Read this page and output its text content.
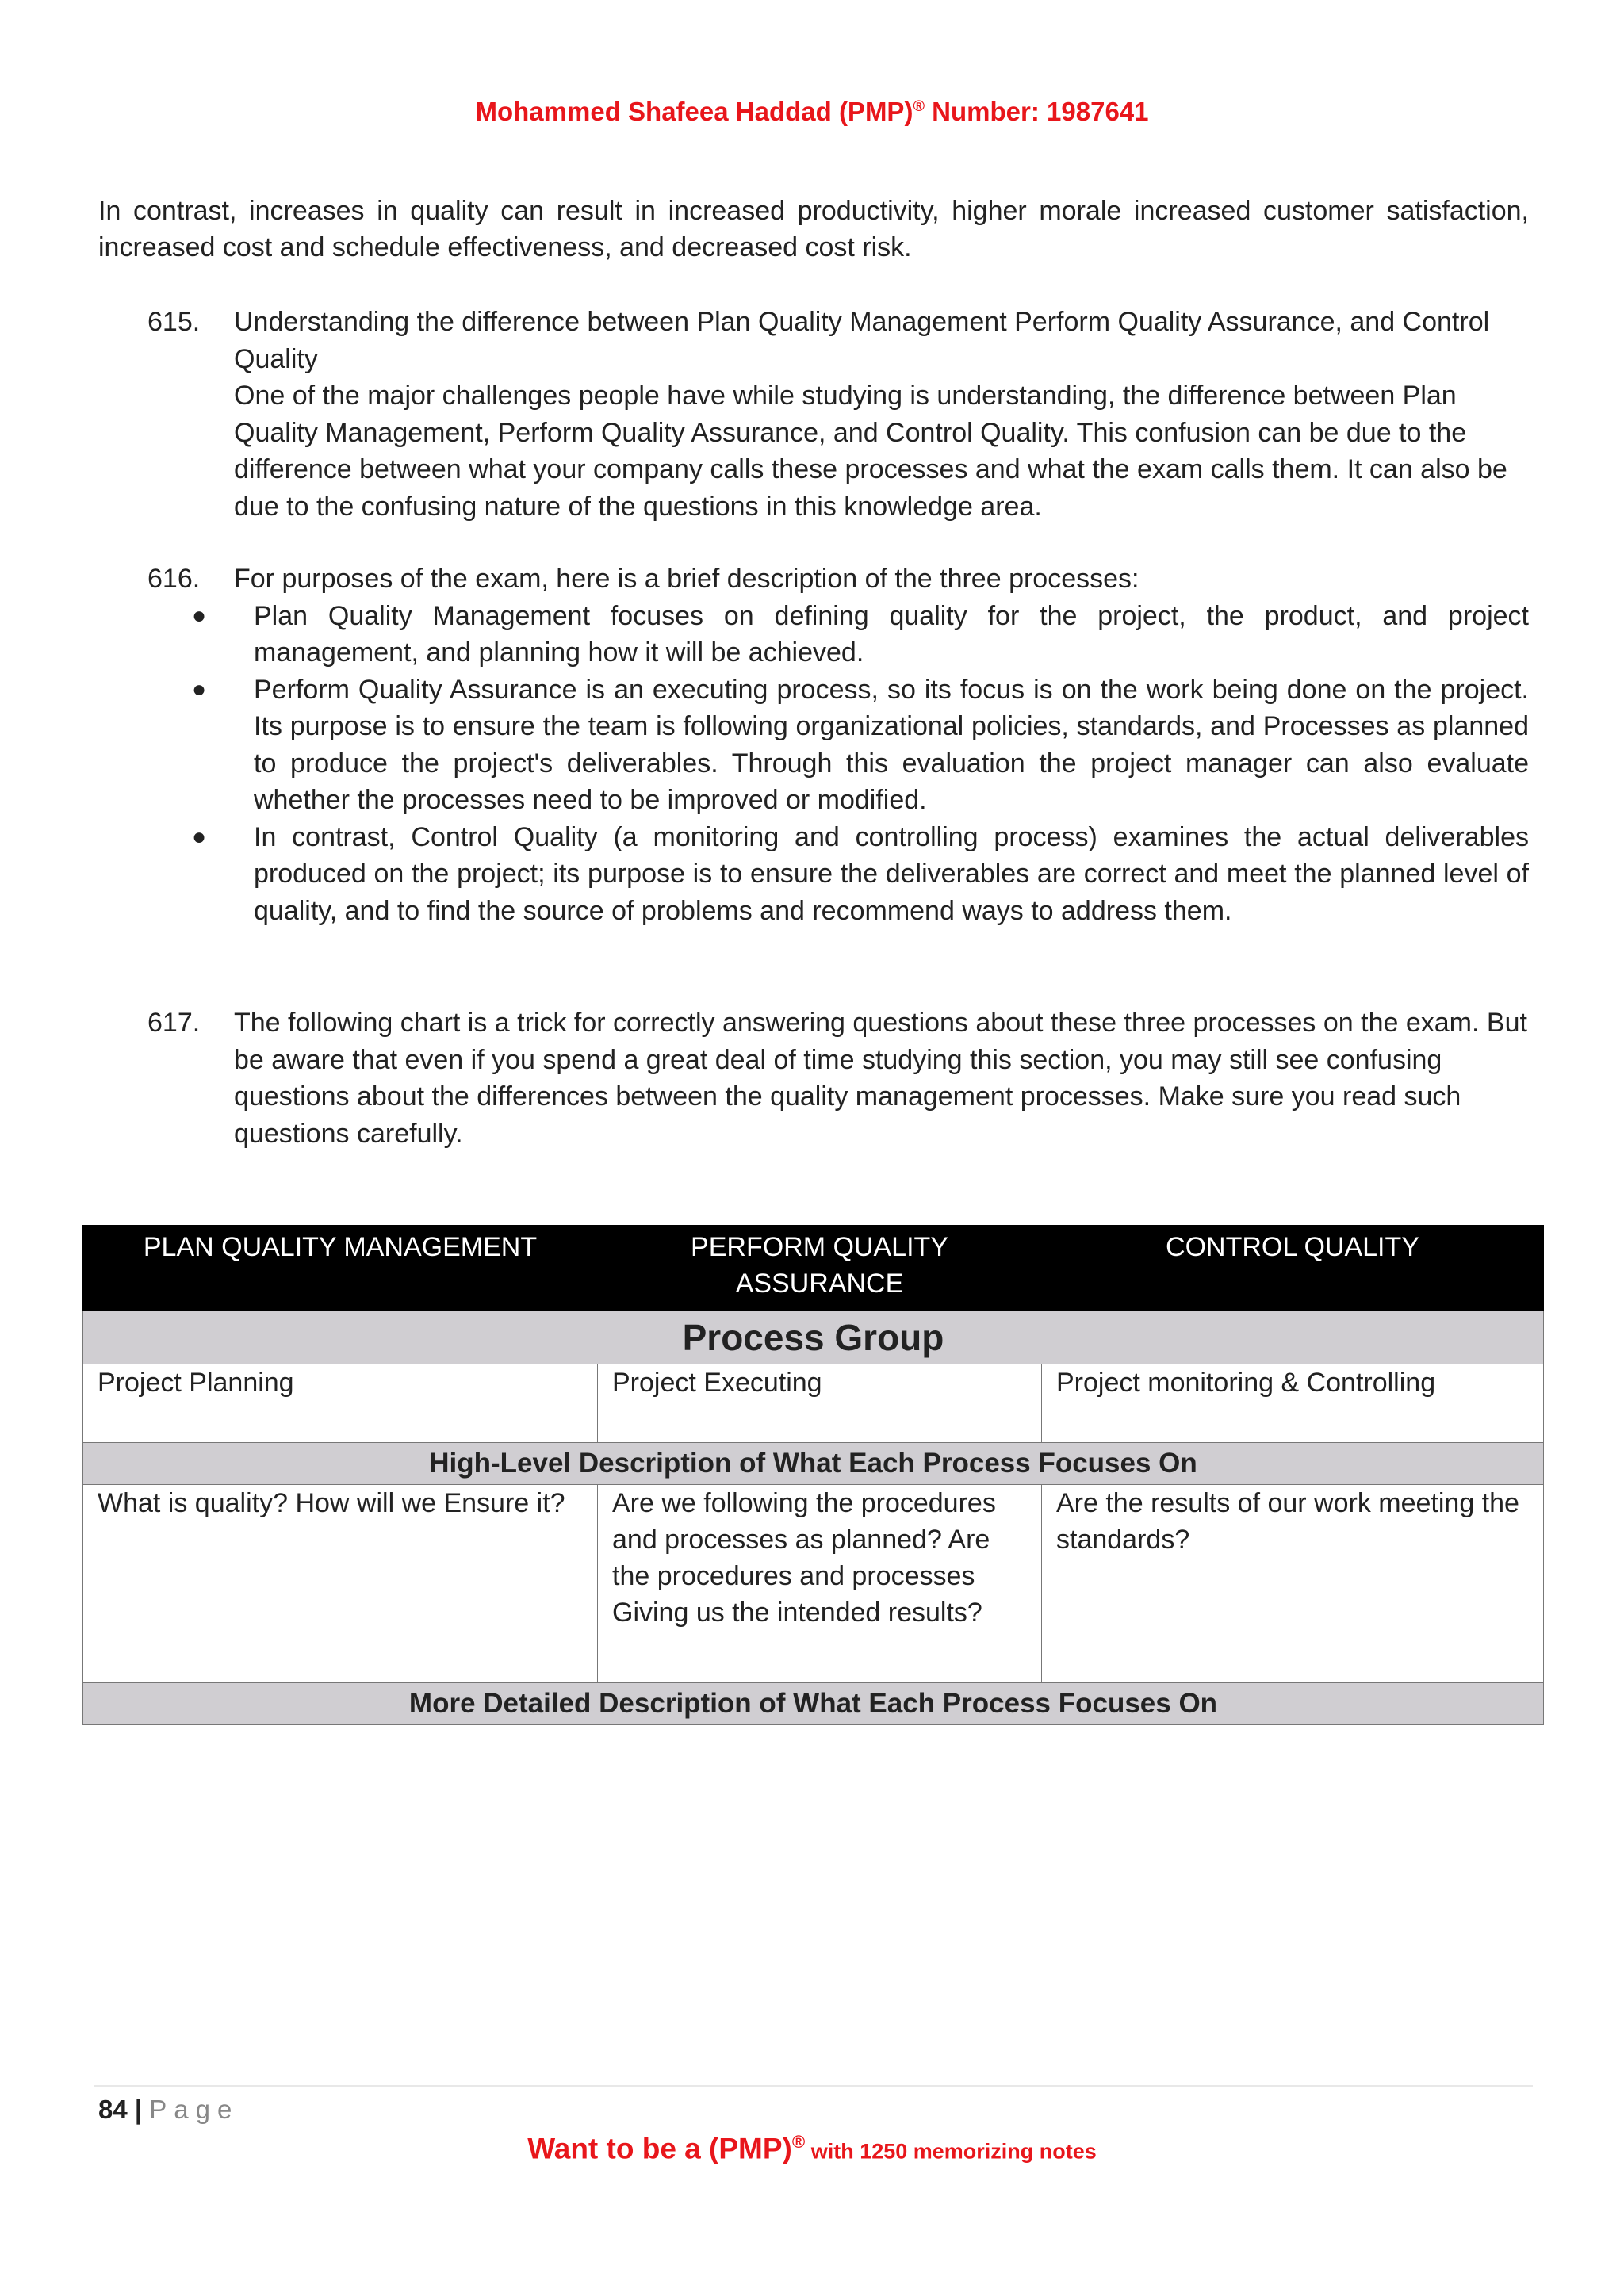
Mohammed Shafeea Haddad (PMP)® Number: 1987641

In contrast, increases in quality can result in increased productivity, higher morale increased customer satisfaction, increased cost and schedule effectiveness, and decreased cost risk.

615. Understanding the difference between Plan Quality Management Perform Quality Assurance, and Control Quality

One of the major challenges people have while studying is understanding, the difference between Plan Quality Management, Perform Quality Assurance, and Control Quality. This confusion can be due to the difference between what your company calls these processes and what the exam calls them. It can also be due to the confusing nature of the questions in this knowledge area.

616. For purposes of the exam, here is a brief description of the three processes:

● Plan Quality Management focuses on defining quality for the project, the product, and project management, and planning how it will be achieved.
● Perform Quality Assurance is an executing process, so its focus is on the work being done on the project. Its purpose is to ensure the team is following organizational policies, standards, and Processes as planned to produce the project's deliverables. Through this evaluation the project manager can also evaluate whether the processes need to be improved or modified.
● In contrast, Control Quality (a monitoring and controlling process) examines the actual deliverables produced on the project; its purpose is to ensure the deliverables are correct and meet the planned level of quality, and to find the source of problems and recommend ways to address them.
617. The following chart is a trick for correctly answering questions about these three processes on the exam. But be aware that even if you spend a great deal of time studying this section, you may still see confusing questions about the differences between the quality management processes. Make sure you read such questions carefully.

PLAN QUALITY MANAGEMENT	PERFORM QUALITY ASSURANCE	CONTROL QUALITY
Process Group		
Project Planning	Project Executing	Project monitoring & Controlling
High-Level Description of What Each Process Focuses On		
What is quality? How will we Ensure it?	Are we following the procedures and processes as planned? Are the procedures and processes Giving us the intended results?	Are the results of our work meeting the standards?
More Detailed Description of What Each Process Focuses On		
84 | Page
Want to be a (PMP)® with 1250 memorizing notes
